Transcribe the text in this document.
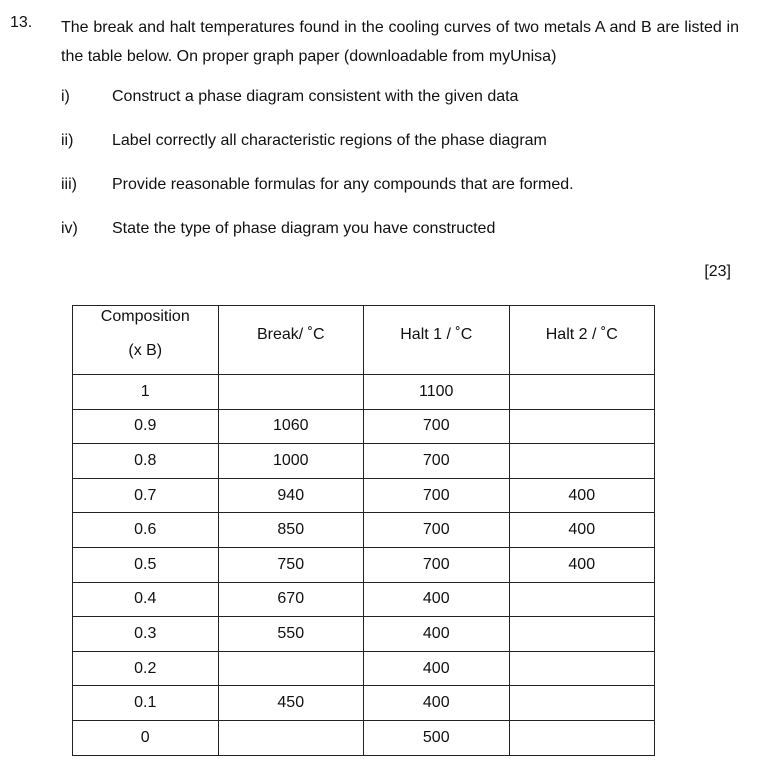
13. The break and halt temperatures found in the cooling curves of two metals A and B are listed in the table below. On proper graph paper (downloadable from myUnisa)
i)	Construct a phase diagram consistent with the given data
ii) Label correctly all characteristic regions of the phase diagram
iii) Provide reasonable formulas for any compounds that are formed.
iv) State the type of phase diagram you have constructed
[23]
Composition
(x B)	Break/ ˚C	Halt 1 / ˚C	Halt 2 / ˚C

1		1100	
0.9	1060	700	
0.8	1000	700	
0.7	940	700	400
0.6	850	700	400
0.5	750	700	400
0.4	670	400	
0.3	550	400	
0.2		400	
0.1	450	400	
0		500	
